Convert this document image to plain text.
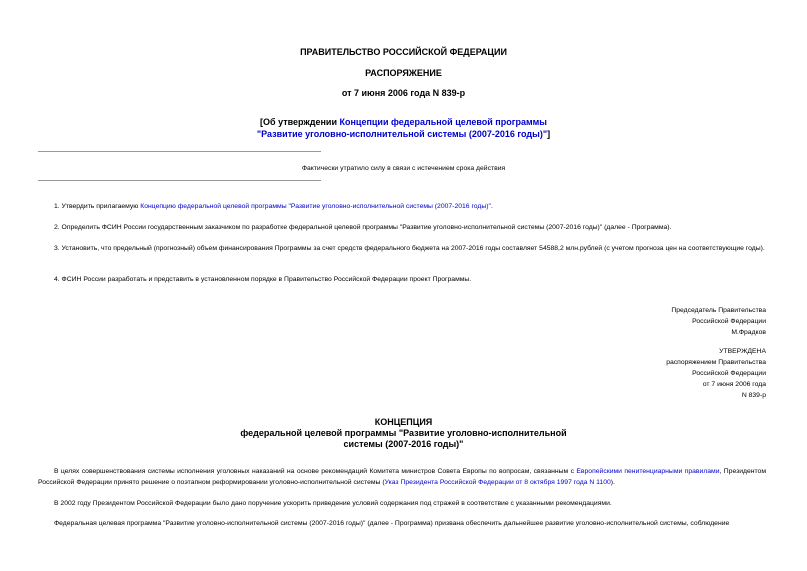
ПРАВИТЕЛЬСТВО РОССИЙСКОЙ ФЕДЕРАЦИИ
РАСПОРЯЖЕНИЕ
от 7 июня 2006 года N 839-р
[Об утверждении Концепции федеральной целевой программы
"Развитие уголовно-исполнительной системы (2007-2016 годы)"]
Фактически утратило силу в связи с истечением срока действия
1. Утвердить прилагаемую Концепцию федеральной целевой программы "Развитие уголовно-исполнительной системы (2007-2016 годы)".
2. Определить ФСИН России государственным заказчиком по разработке федеральной целевой программы "Развитие уголовно-исполнительной системы (2007-2016 годы)" (далее - Программа).
3. Установить, что предельный (прогнозный) объем финансирования Программы за счет средств федерального бюджета на 2007-2016 годы составляет 54588,2 млн.рублей (с учетом прогноза цен на соответствующие годы).
4. ФСИН России разработать и представить в установленном порядке в Правительство Российской Федерации проект Программы.
Председатель Правительства
Российской Федерации
М.Фрадков
УТВЕРЖДЕНА
распоряжением Правительства
Российской Федерации
от 7 июня 2006 года
N 839-р
КОНЦЕПЦИЯ
федеральной целевой программы "Развитие уголовно-исполнительной
системы (2007-2016 годы)"
В целях совершенствования системы исполнения уголовных наказаний на основе рекомендаций Комитета министров Совета Европы по вопросам, связанным с Европейскими пенитенциарными правилами, Президентом Российской Федерации принято решение о поэтапном реформировании уголовно-исполнительной системы (Указ Президента Российской Федерации от 8 октября 1997 года N 1100).
В 2002 году Президентом Российской Федерации было дано поручение ускорить приведение условий содержания под стражей в соответствие с указанными рекомендациями.
Федеральная целевая программа "Развитие уголовно-исполнительной системы (2007-2016 годы)" (далее - Программа) призвана обеспечить дальнейшее развитие уголовно-исполнительной системы, соблюдение
